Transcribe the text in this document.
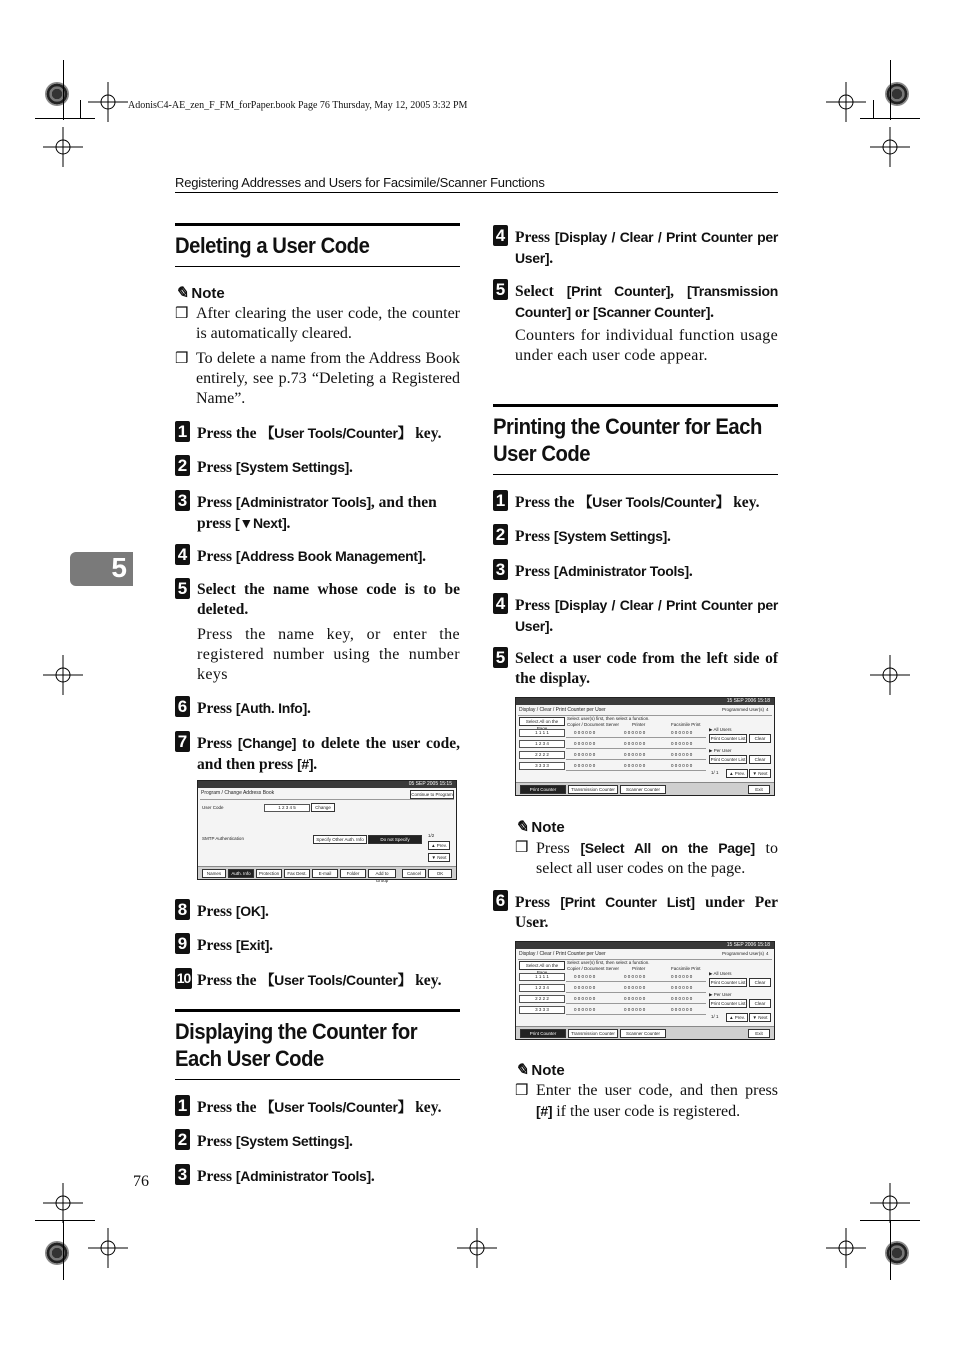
AdonisC4-AE_zen_F_FM_forPaper.book Page 76 Thursday, May 12, 2005 3:32 PM
Registering Addresses and Users for Facsimile/Scanner Functions
5
76
Deleting a User Code
✎ Note
❒ After clearing the user code, the counter is automatically cleared.
❒ To delete a name from the Address Book entirely, see p.73 “Deleting a Registered Name”.
1 Press the 【User Tools/Counter】 key.
2 Press [System Settings].
3 Press [Administrator Tools], and then press [▼Next].
4 Press [Address Book Management].
5 Select the name whose code is to be deleted.
Press the name key, or enter the registered number using the number keys
6 Press [Auth. Info].
7 Press [Change] to delete the user code, and then press [#].
05 SEP 2005 15:15
Program / Change Address Book	Continue to Program
User Code	1 2 3 4 5	Change
SMTP Authentication	Specify Other Auth. Info	Do not Specify
1/2
▲ Prev.
▼ Next
Names	Auth. Info	Protection	Fax Dest.	E-mail	Folder	Add to Group
Cancel	OK
8 Press [OK].
9 Press [Exit].
10 Press the 【User Tools/Counter】 key.
Displaying the Counter for Each User Code
1 Press the 【User Tools/Counter】 key.
2 Press [System Settings].
3 Press [Administrator Tools].
4 Press [Display / Clear / Print Counter per User].
5 Select [Print Counter], [Transmission Counter] or [Scanner Counter].
Counters for individual function usage under each user code appear.
Printing the Counter for Each User Code
1 Press the 【User Tools/Counter】 key.
2 Press [System Settings].
3 Press [Administrator Tools].
4 Press [Display / Clear / Print Counter per User].
5 Select a user code from the left side of the display.
15 SEP 2006 15:18
Display / Clear / Print Counter per User	Programmed User(s) 4
Select All on the
Select user(s) first, then select a function.
Copier / Document Server	Printer	Facsimile Print
1 1 1 1	0 0 0 0 0 0	0 0 0 0 0 0	0 0 0 0 0 0
1 2 3 4	0 0 0 0 0 0	0 0 0 0 0 0	0 0 0 0 0 0
2 2 2 2	0 0 0 0 0 0	0 0 0 0 0 0	0 0 0 0 0 0
3 3 3 3	0 0 0 0 0 0	0 0 0 0 0 0	0 0 0 0 0 0
▶ All Users
Print Counter List	Clear
▶ Per User
Print Counter List	Clear
1/ 1	▲ Prev.	▼ Next
Print Counter	Transmission Counter	Scanner Counter	Exit
✎ Note
❒ Press [Select All on the Page] to select all user codes on the page.
6 Press [Print Counter List] under Per User.
15 SEP 2006 15:18
Display / Clear / Print Counter per User	Programmed User(s) 4
Select All on the
Select user(s) first, then select a function.
Copier / Document Server	Printer	Facsimile Print
1 1 1 1	0 0 0 0 0 0	0 0 0 0 0 0	0 0 0 0 0 0
1 2 3 4	0 0 0 0 0 0	0 0 0 0 0 0	0 0 0 0 0 0
2 2 2 2	0 0 0 0 0 0	0 0 0 0 0 0	0 0 0 0 0 0
3 3 3 3	0 0 0 0 0 0	0 0 0 0 0 0	0 0 0 0 0 0
▶ All Users
Print Counter List	Clear
▶ Per User
Print Counter List	Clear
1/ 1	▲ Prev.	▼ Next
Print Counter	Transmission Counter	Scanner Counter	Exit
✎ Note
❒ Enter the user code, and then press [#] if the user code is registered.
